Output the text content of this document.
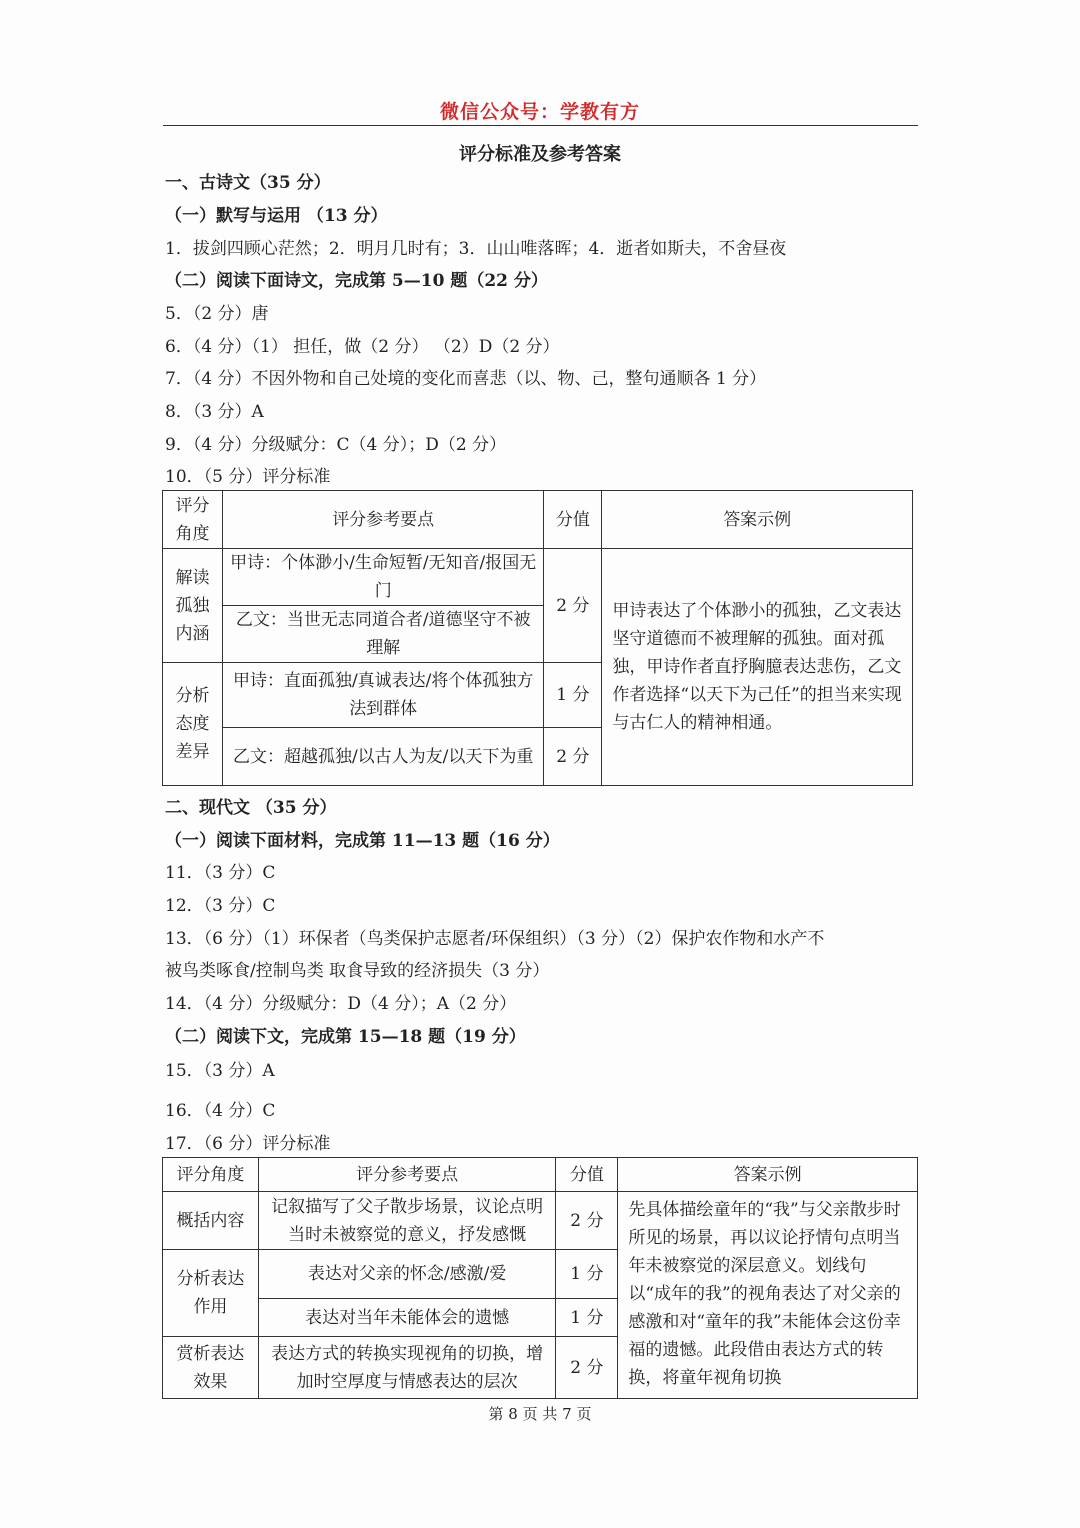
微信公众号：学教有方
评分标准及参考答案
一、古诗文（35 分）
（一）默写与运用 （13 分）
1．拔剑四顾心茫然；2．明月几时有；3．山山唯落晖；4．逝者如斯夫，不舍昼夜
（二）阅读下面诗文，完成第 5—10 题（22 分）
5．（2 分）唐
6．（4 分）（1） 担任，做（2 分） （2）D（2 分）
7．（4 分）不因外物和自己处境的变化而喜悲（以、物、己，整句通顺各 1 分）
8．（3 分）A
9．（4 分）分级赋分：C（4 分）；D（2 分）
10．（5 分）评分标准
评分角度	评分参考要点	分值	答案示例
解读孤独内涵	甲诗：个体渺小/生命短暂/无知音/报国无门	2 分	甲诗表达了个体渺小的孤独，乙文表达坚守道德而不被理解的孤独。面对孤独，甲诗作者直抒胸臆表达悲伤，乙文作者选择“以天下为己任”的担当来实现与古仁人的精神相通。
	乙文：当世无志同道合者/道德坚守不被理解		
分析态度差异	甲诗：直面孤独/真诚表达/将个体孤独方法到群体	1 分	
	乙文：超越孤独/以古人为友/以天下为重	2 分	
二、现代文 （35 分）
（一）阅读下面材料，完成第 11—13 题（16 分）
11．（3 分）C
12．（3 分）C
13．（6 分）（1）环保者（鸟类保护志愿者/环保组织）（3 分）（2）保护农作物和水产不
被鸟类啄食/控制鸟类 取食导致的经济损失（3 分）
14．（4 分）分级赋分：D（4 分）；A（2 分）
（二）阅读下文，完成第 15—18 题（19 分）
15．（3 分）A
16．（4 分）C
17．（6 分）评分标准
评分角度	评分参考要点	分值	答案示例
概括内容	记叙描写了父子散步场景，议论点明当时未被察觉的意义，抒发感慨	2 分	先具体描绘童年的“我”与父亲散步时所见的场景，再以议论抒情句点明当年未被察觉的深层意义。划线句以“成年的我”的视角表达了对父亲的感激和对“童年的我”未能体会这份幸福的遗憾。此段借由表达方式的转换，将童年视角切换
分析表达作用	表达对父亲的怀念/感激/爱	1 分	
	表达对当年未能体会的遗憾	1 分	
赏析表达效果	表达方式的转换实现视角的切换，增加时空厚度与情感表达的层次	2 分	
第 8 页 共 7 页
